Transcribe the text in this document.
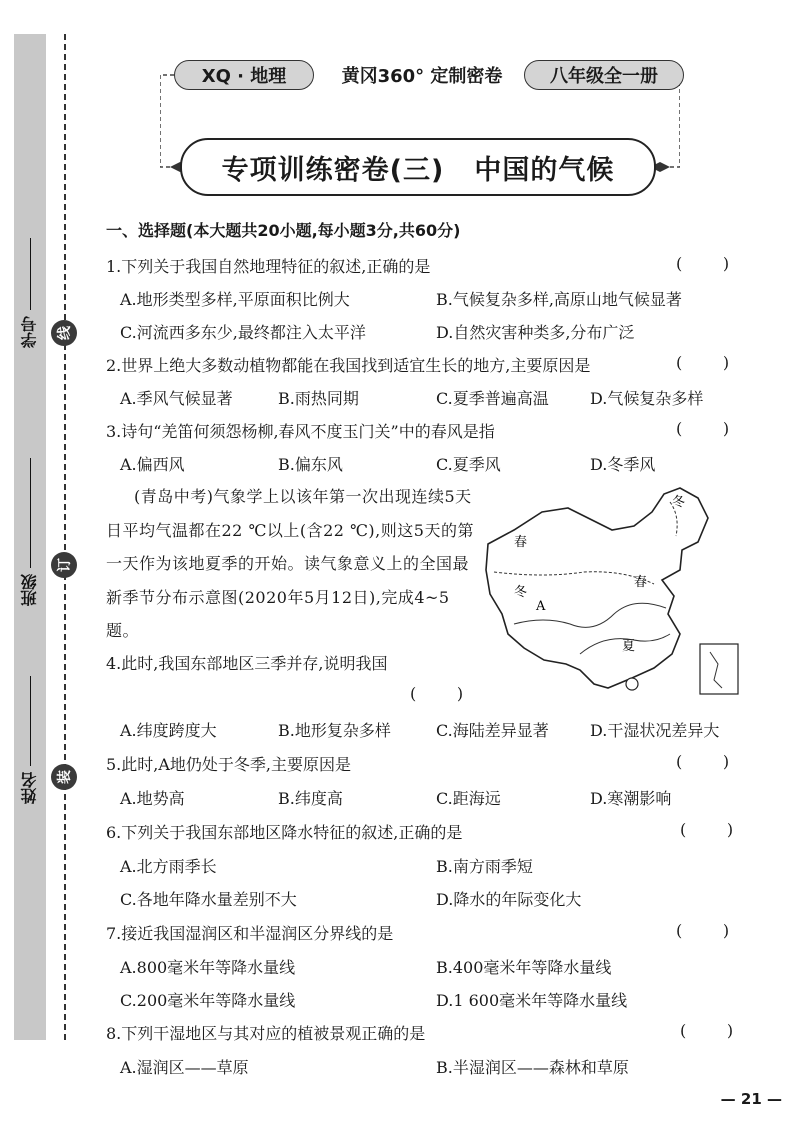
学号
班级
姓名
线
订
装
XQ · 地理	黄冈360° 定制密卷	八年级全一册
专项训练密卷(三) 中国的气候
一、选择题(本大题共20小题,每小题3分,共60分)
1.下列关于我国自然地理特征的叙述,正确的是	(        )
A.地形类型多样,平原面积比例大	B.气候复杂多样,高原山地气候显著
C.河流西多东少,最终都注入太平洋	D.自然灾害种类多,分布广泛
2.世界上绝大多数动植物都能在我国找到适宜生长的地方,主要原因是	(        )
A.季风气候显著	B.雨热同期	C.夏季普遍高温	D.气候复杂多样
3.诗句“羌笛何须怨杨柳,春风不度玉门关”中的春风是指	(        )
A.偏西风	B.偏东风	C.夏季风	D.冬季风
(青岛中考)气象学上以该年第一次出现连续5天日平均气温都在22 ℃以上(含22 ℃),则这5天的第一天作为该地夏季的开始。读气象意义上的全国最新季节分布示意图(2020年5月12日),完成4~5题。
冬
春
春
冬
A
夏
4.此时,我国东部地区三季并存,说明我国
(        )
A.纬度跨度大	B.地形复杂多样	C.海陆差异显著	D.干湿状况差异大
5.此时,A地仍处于冬季,主要原因是	(        )
A.地势高	B.纬度高	C.距海远	D.寒潮影响
6.下列关于我国东部地区降水特征的叙述,正确的是	(        )
A.北方雨季长	B.南方雨季短
C.各地年降水量差别不大	D.降水的年际变化大
7.接近我国湿润区和半湿润区分界线的是	(        )
A.800毫米年等降水量线	B.400毫米年等降水量线
C.200毫米年等降水量线	D.1 600毫米年等降水量线
8.下列干湿地区与其对应的植被景观正确的是	(        )
A.湿润区——草原	B.半湿润区——森林和草原
— 21 —
